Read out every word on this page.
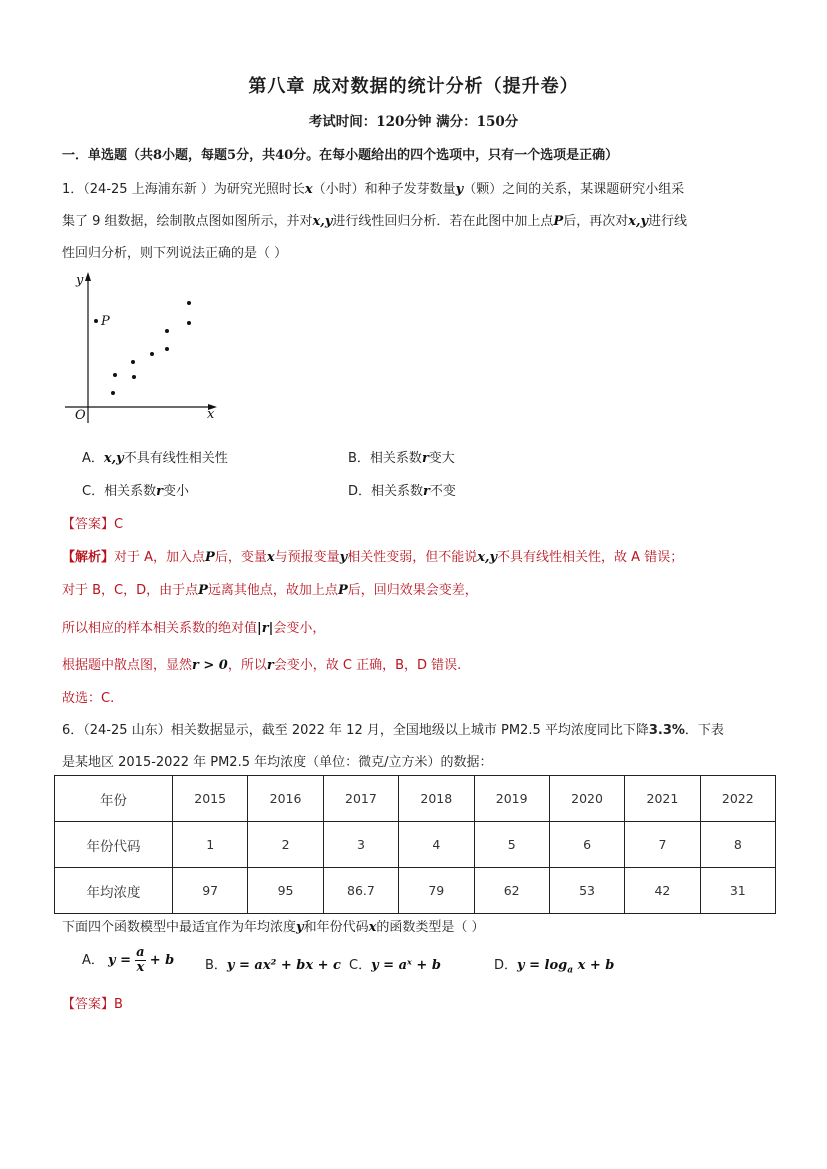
第八章 成对数据的统计分析（提升卷）
考试时间：120分钟 满分：150分
一．单选题（共8小题，每题5分，共40分。在每小题给出的四个选项中，只有一个选项是正确）
1．（24-25 上海浦东新 ）为研究光照时长x（小时）和种子发芽数量y（颗）之间的关系，某课题研究小组采
集了 9 组数据，绘制散点图如图所示，并对x,y进行线性回归分析．若在此图中加上点P后，再次对x,y进行线
性回归分析，则下列说法正确的是（ ）
y
x
O
P
A．x,y不具有线性相关性	B．相关系数r变大
C．相关系数r变小	D．相关系数r不变
【答案】C
【解析】对于 A，加入点P后，变量x与预报变量y相关性变弱，但不能说x,y不具有线性相关性，故 A 错误；
对于 B，C，D，由于点P远离其他点，故加上点P后，回归效果会变差，
所以相应的样本相关系数的绝对值|r|会变小，
根据题中散点图，显然r > 0，所以r会变小，故 C 正确，B，D 错误.
故选：C.
6．（24-25 山东）相关数据显示，截至 2022 年 12 月，全国地级以上城市 PM2.5 平均浓度同比下降3.3%．下表
是某地区 2015-2022 年 PM2.5 年均浓度（单位：微克/立方米）的数据：
年份	2015	2016	2017	2018	2019	2020	2021	2022
年份代码	1	2	3	4	5	6	7	8
年均浓度	97	95	86.7	79	62	53	42	31
下面四个函数模型中最适宜作为年均浓度y和年份代码x的函数类型是（ ）
A． $y = \frac{a}{x} + b$ B．y = ax² + bx + c C．y = aˣ + b	D．$y = \log_a x + b$
【答案】B
